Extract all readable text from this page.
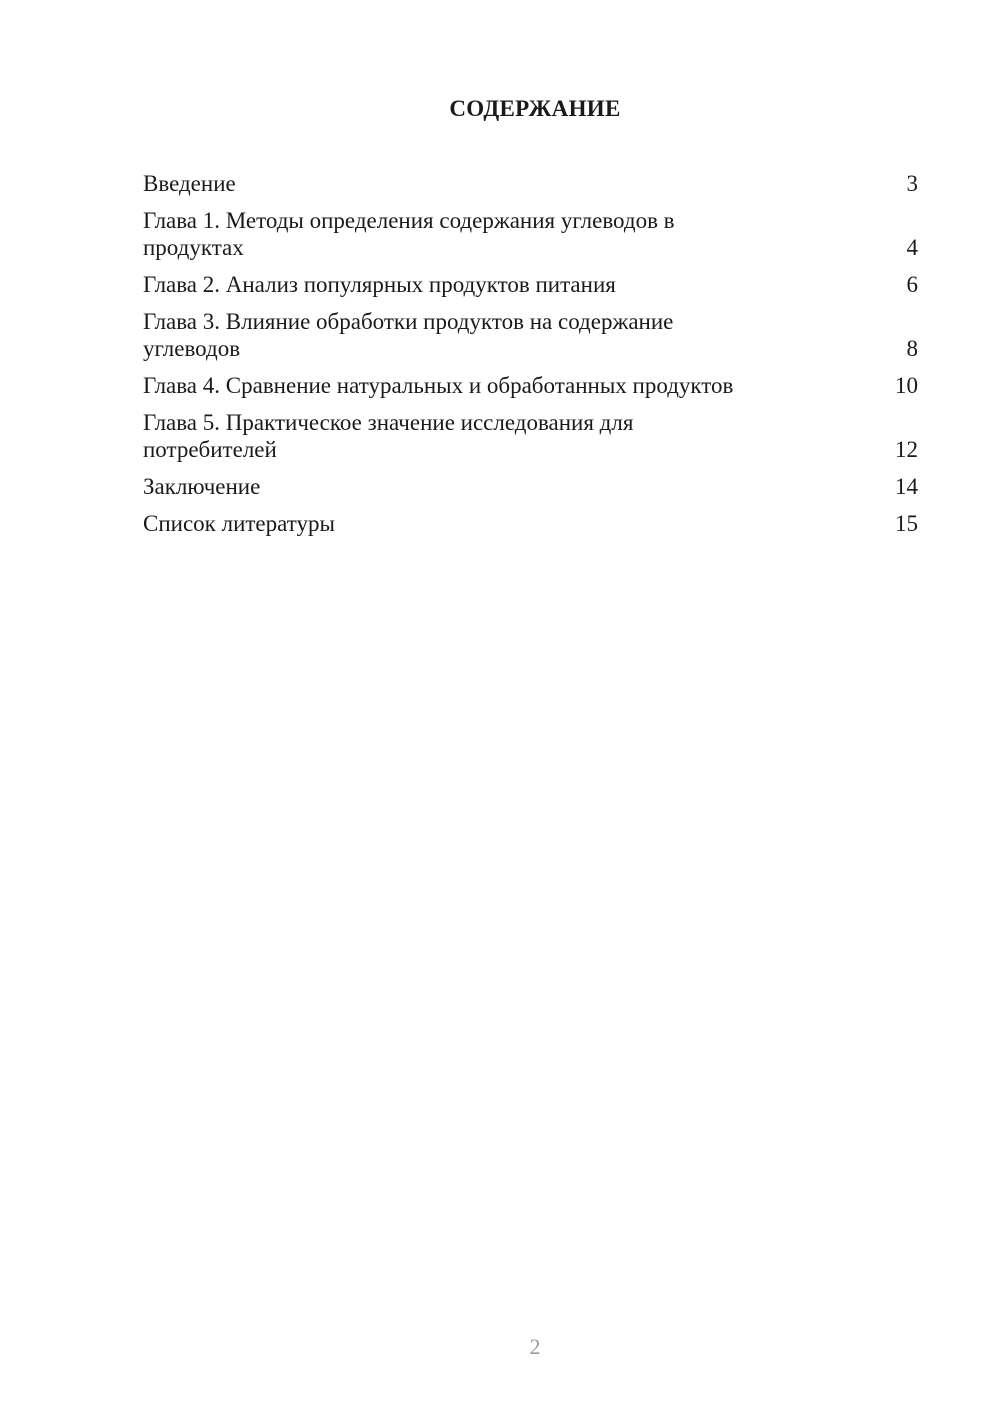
СОДЕРЖАНИЕ
Введение	3
Глава 1. Методы определения содержания углеводов в
продуктах	4
Глава 2. Анализ популярных продуктов питания	6
Глава 3. Влияние обработки продуктов на содержание
углеводов	8
Глава 4. Сравнение натуральных и обработанных продуктов	10
Глава 5. Практическое значение исследования для
потребителей	12
Заключение	14
Список литературы	15
2
